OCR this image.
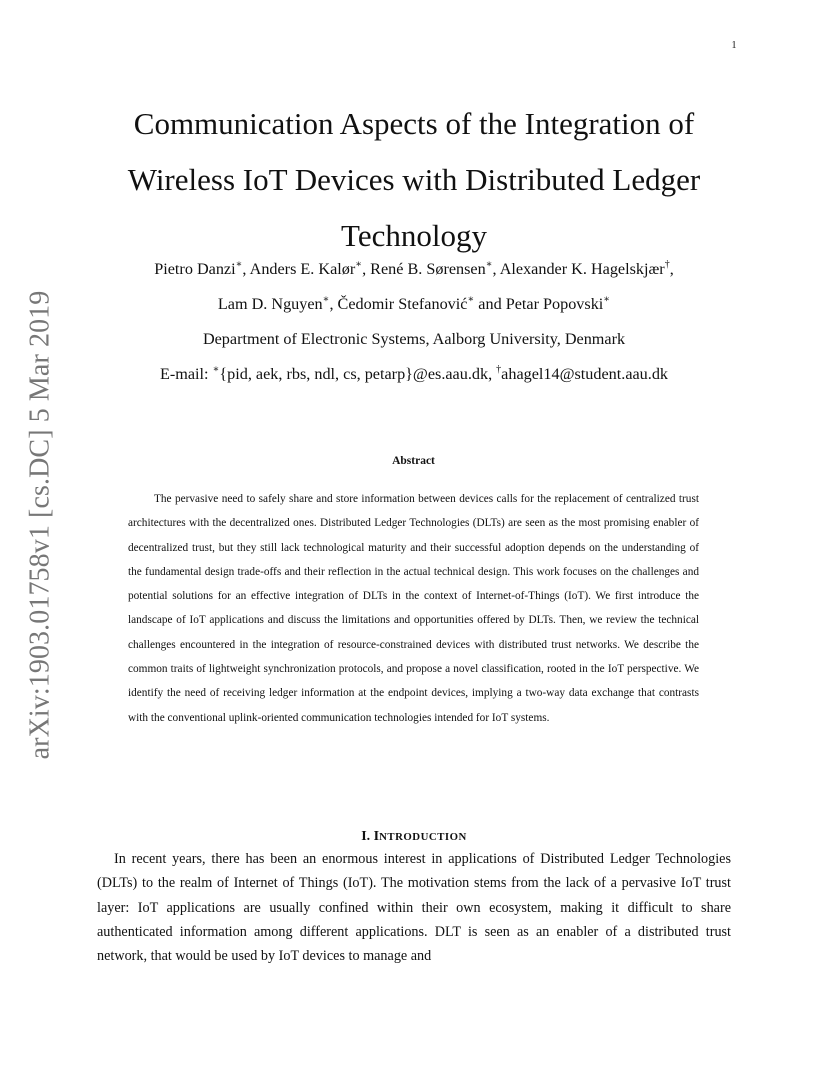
1
arXiv:1903.01758v1 [cs.DC] 5 Mar 2019
Communication Aspects of the Integration of
Wireless IoT Devices with Distributed Ledger
Technology
Pietro Danzi∗, Anders E. Kalør∗, René B. Sørensen∗, Alexander K. Hagelskjær†,
Lam D. Nguyen∗, Čedomir Stefanović∗ and Petar Popovski∗
Department of Electronic Systems, Aalborg University, Denmark
E-mail: ∗{pid, aek, rbs, ndl, cs, petarp}@es.aau.dk, †ahagel14@student.aau.dk
Abstract

The pervasive need to safely share and store information between devices calls for the replacement of centralized trust architectures with the decentralized ones. Distributed Ledger Technologies (DLTs) are seen as the most promising enabler of decentralized trust, but they still lack technological maturity and their successful adoption depends on the understanding of the fundamental design trade-offs and their reflection in the actual technical design. This work focuses on the challenges and potential solutions for an effective integration of DLTs in the context of Internet-of-Things (IoT). We first introduce the landscape of IoT applications and discuss the limitations and opportunities offered by DLTs. Then, we review the technical challenges encountered in the integration of resource-constrained devices with distributed trust networks. We describe the common traits of lightweight synchronization protocols, and propose a novel classification, rooted in the IoT perspective. We identify the need of receiving ledger information at the endpoint devices, implying a two-way data exchange that contrasts with the conventional uplink-oriented communication technologies intended for IoT systems.

I. INTRODUCTION

In recent years, there has been an enormous interest in applications of Distributed Ledger Technologies (DLTs) to the realm of Internet of Things (IoT). The motivation stems from the lack of a pervasive IoT trust layer: IoT applications are usually confined within their own ecosystem, making it difficult to share authenticated information among different applications. DLT is seen as an enabler of a distributed trust network, that would be used by IoT devices to manage and
